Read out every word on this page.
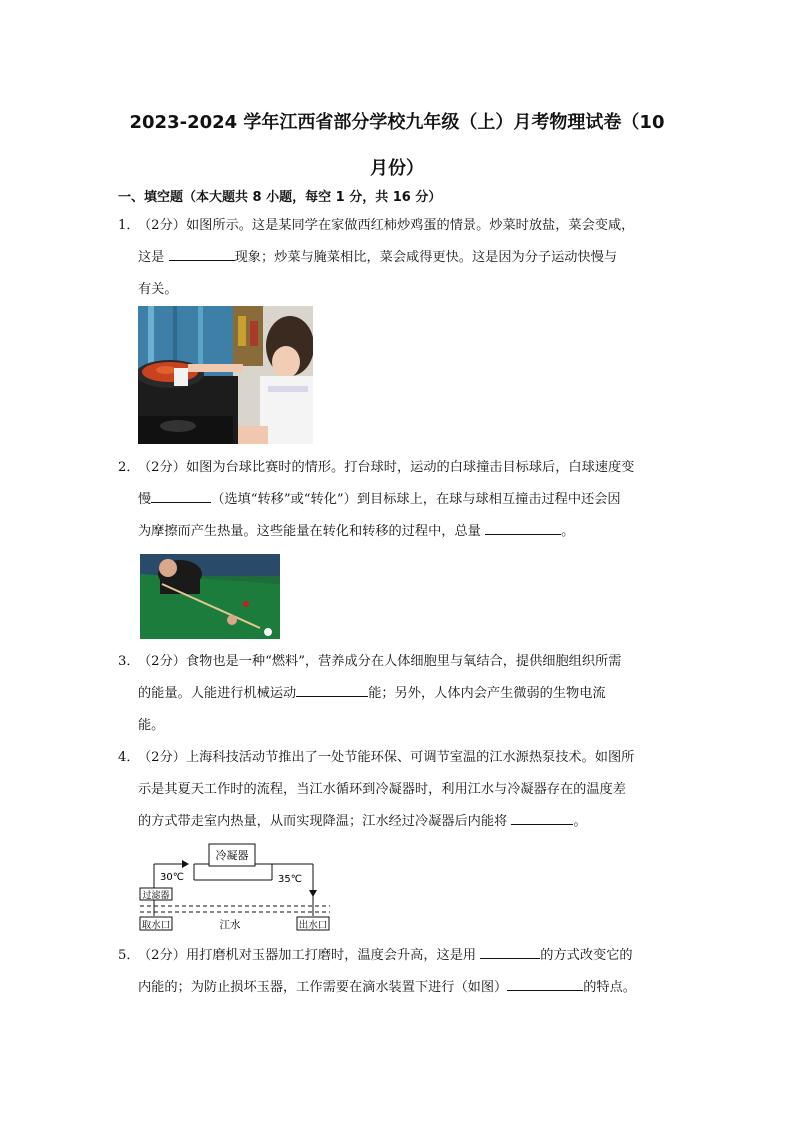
2023-2024 学年江西省部分学校九年级（上）月考物理试卷（10
月份）
一、填空题（本大题共 8 小题，每空 1 分，共 16 分）
1．（2分）如图所示。这是某同学在家做西红柿炒鸡蛋的情景。炒菜时放盐，菜会变咸，
这是	现象；炒菜与腌菜相比，菜会咸得更快。这是因为分子运动快慢与
有关。
2．（2分）如图为台球比赛时的情形。打台球时，运动的白球撞击目标球后，白球速度变
慢	（选填“转移”或“转化”）到目标球上，在球与球相互撞击过程中还会因
为摩擦而产生热量。这些能量在转化和转移的过程中，总量	。
3．（2分）食物也是一种“燃料”，营养成分在人体细胞里与氧结合，提供细胞组织所需
的能量。人能进行机械运动	能；另外，人体内会产生微弱的生物电流
能。
4．（2分）上海科技活动节推出了一处节能环保、可调节室温的江水源热泵技术。如图所
示是其夏天工作时的流程，当江水循环到冷凝器时，利用江水与冷凝器存在的温度差
的方式带走室内热量，从而实现降温；江水经过冷凝器后内能将	。
冷凝器
30℃	35℃
过滤器
取水口	江水	出水口
5．（2分）用打磨机对玉器加工打磨时，温度会升高，这是用	的方式改变它的
内能的；为防止损坏玉器，工作需要在滴水装置下进行（如图）	的特点。
